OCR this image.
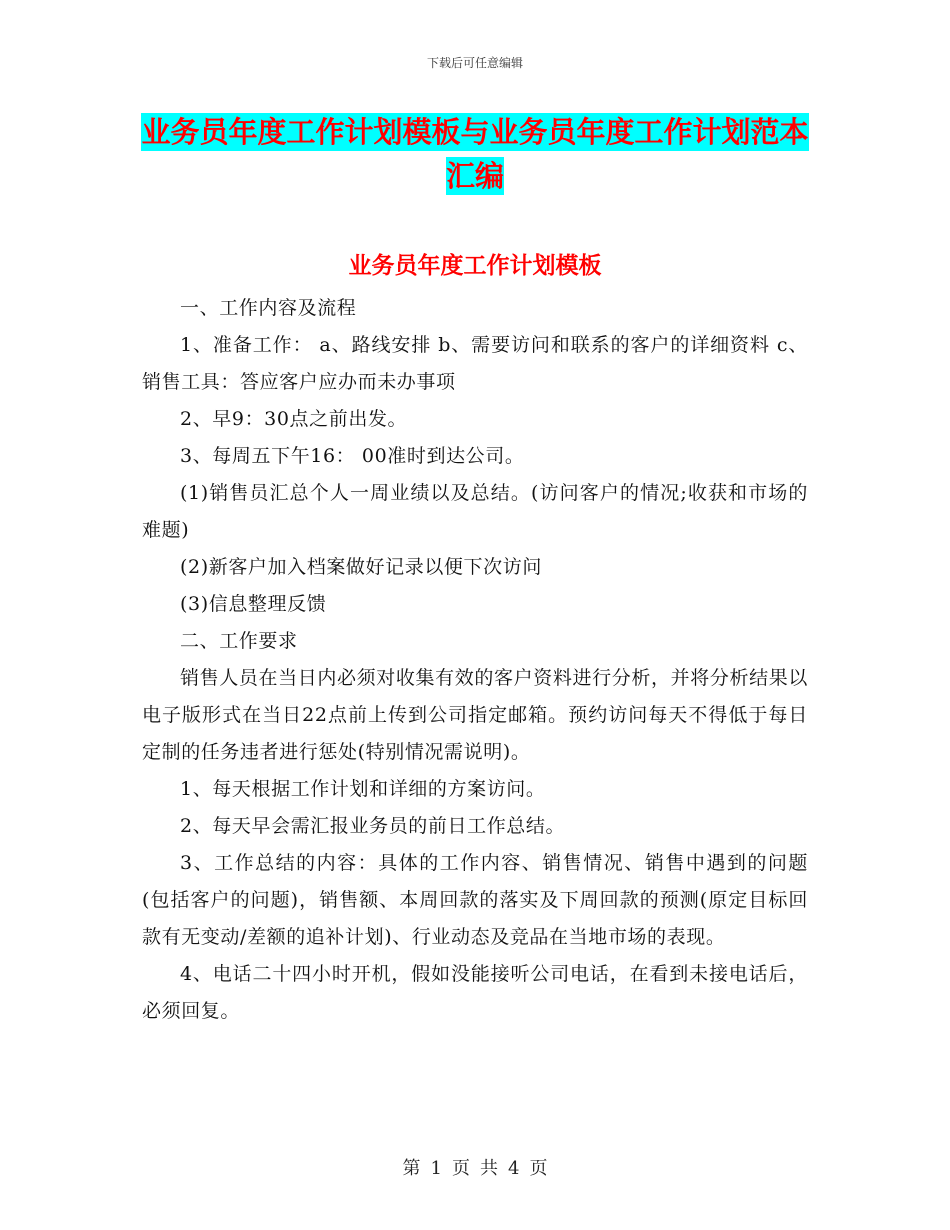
下载后可任意编辑
业务员年度工作计划模板与业务员年度工作计划范本
汇编
业务员年度工作计划模板

一、工作内容及流程

1、准备工作： a、路线安排 b、需要访问和联系的客户的详细资料 c、销售工具：答应客户应办而未办事项

2、早9：30点之前出发。

3、每周五下午16： 00准时到达公司。

(1)销售员汇总个人一周业绩以及总结。(访问客户的情况;收获和市场的难题)

(2)新客户加入档案做好记录以便下次访问

(3)信息整理反馈

二、工作要求

销售人员在当日内必须对收集有效的客户资料进行分析，并将分析结果以电子版形式在当日22点前上传到公司指定邮箱。预约访问每天不得低于每日定制的任务违者进行惩处(特别情况需说明)。

1、每天根据工作计划和详细的方案访问。

2、每天早会需汇报业务员的前日工作总结。

3、工作总结的内容：具体的工作内容、销售情况、销售中遇到的问题(包括客户的问题)，销售额、本周回款的落实及下周回款的预测(原定目标回款有无变动/差额的追补计划)、行业动态及竞品在当地市场的表现。

4、电话二十四小时开机，假如没能接听公司电话，在看到未接电话后，必须回复。

第 1 页 共 4 页
